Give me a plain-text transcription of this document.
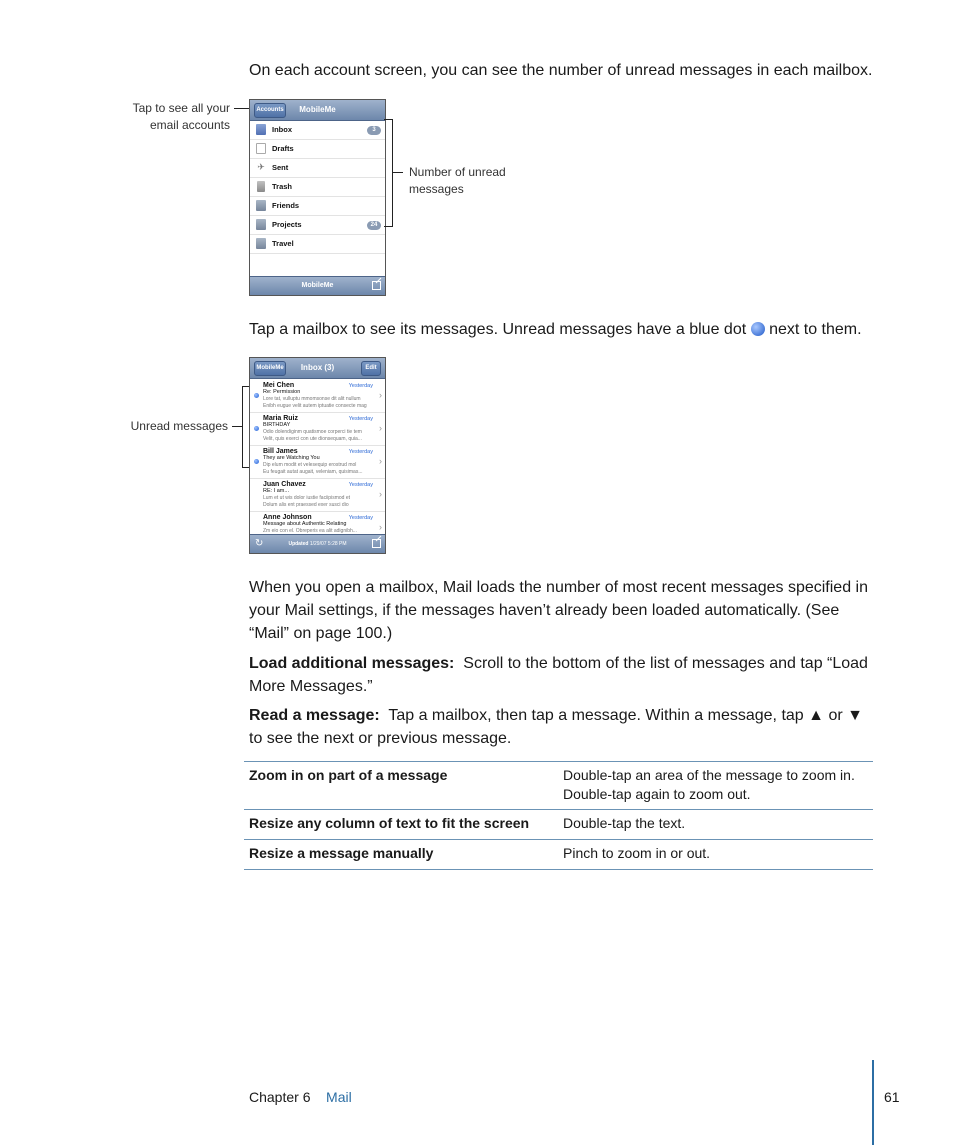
On each account screen, you can see the number of unread messages in each mailbox.
Tap to see all your email accounts
Accounts	MobileMe
Inbox	3
Drafts
✈ Sent
Trash
Friends
Projects	24
Travel
MobileMe
Number of unread messages
Tap a mailbox to see its messages. Unread messages have a blue dot next to them.
Unread messages
MobileMe	Inbox (3)	Edit
Mei Chen	Yesterday
Re: Permission
Lore tat, vulluptu mmomsonse dit alit nullum
Enibh eugue velit autem iptuatie consecte mag
›
Maria Ruiz	Yesterday
BIRTHDAY
Odio dolendiginm quatismoe corperci tie tem
Velit, quis exerci con ute dionsequam, quia...
›
Bill James	Yesterday
They are Watching You
Dip elum modit et velesequip erostrud mol
Eu feugait autat augait, veleniam, quisimas...
›
Juan Chavez	Yesterday
RE: I am...
Lum et ut wis dolor iustie faciipismod et
Dolum alis ent praessed exer susci dio
›
Anne Johnson	Yesterday
Message about Authentic Relating
Zm eio con el. Obreperis ea alit adignibh...	›
↻	Updated 1/29/07 5:28 PM
When you open a mailbox, Mail loads the number of most recent messages specified in your Mail settings, if the messages haven’t already been loaded automatically. (See “Mail” on page 100.)
Load additional messages: Scroll to the bottom of the list of messages and tap “Load More Messages.”
Read a message: Tap a mailbox, then tap a message. Within a message, tap ▲ or ▼ to see the next or previous message.
Zoom in on part of a message	Double-tap an area of the message to zoom in. Double-tap again to zoom out.
Resize any column of text to fit the screen	Double-tap the text.
Resize a message manually	Pinch to zoom in or out.
Chapter 6 Mail	61
